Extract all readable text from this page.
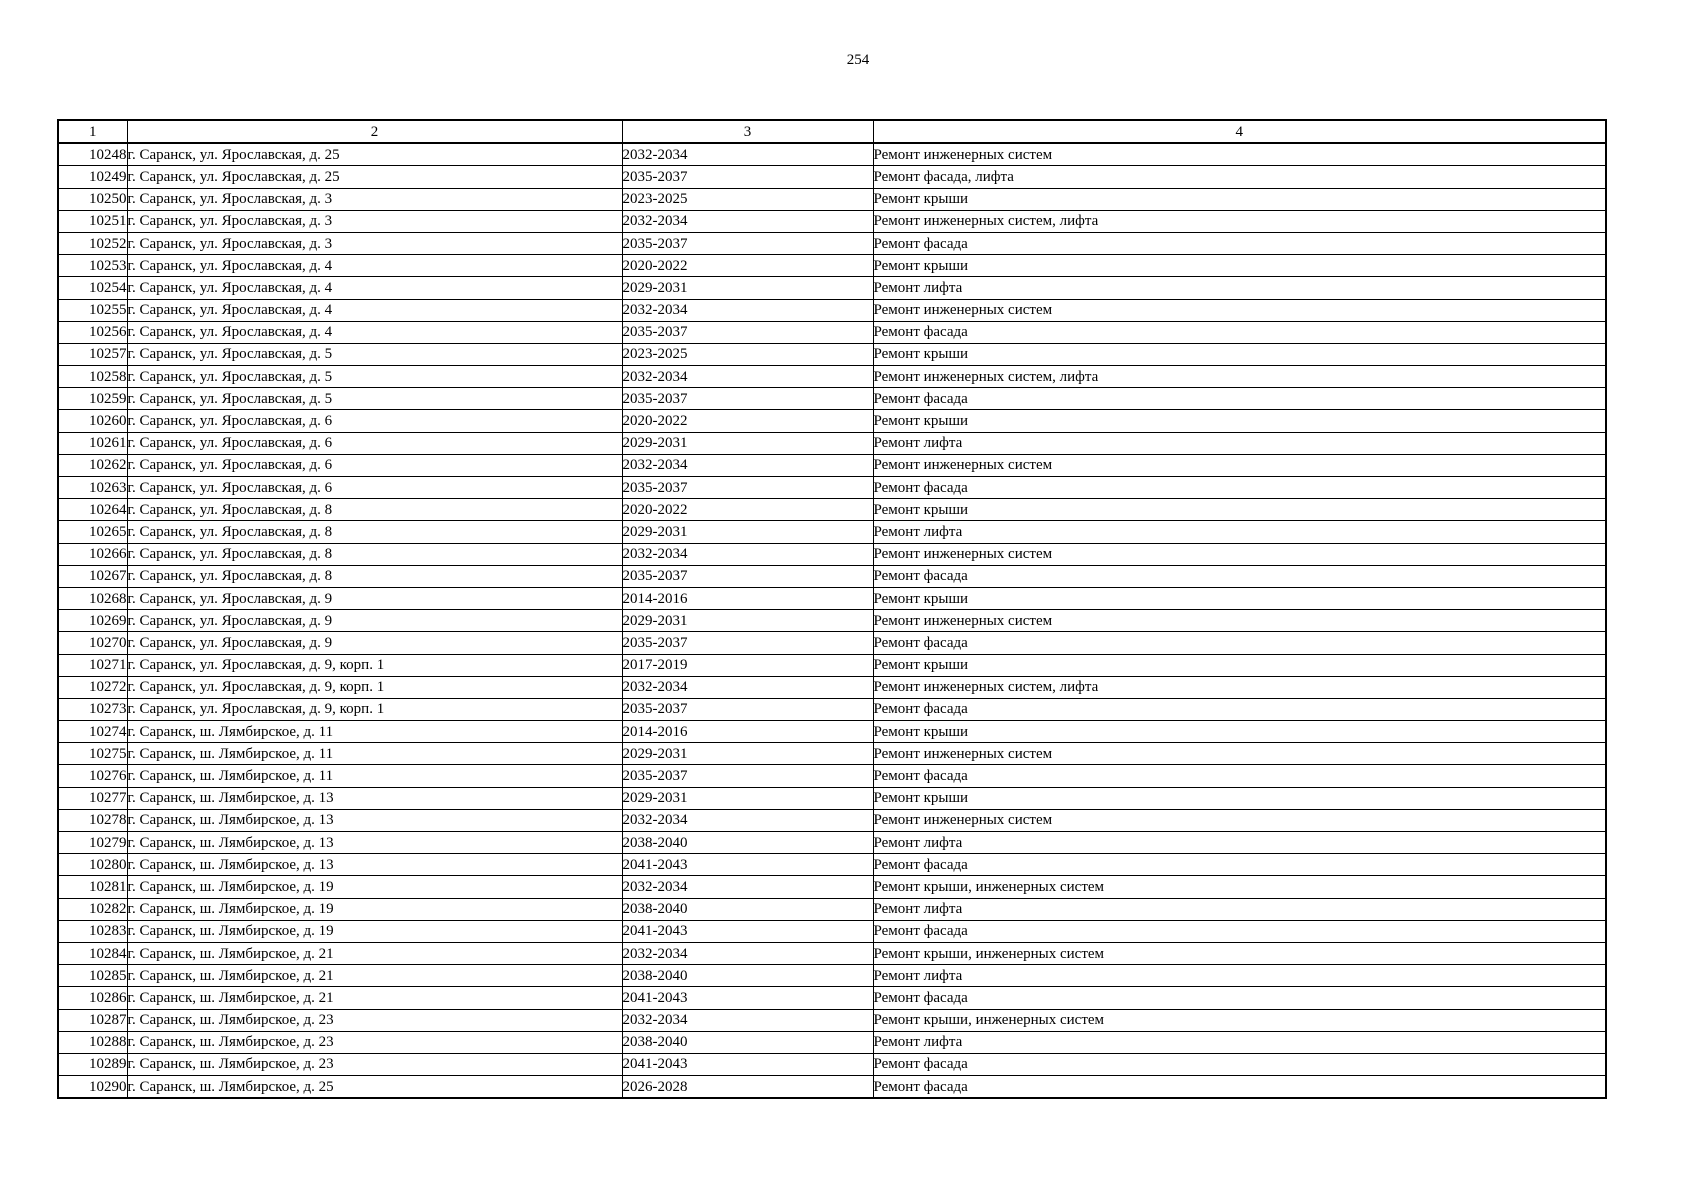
254
1	2	3	4
10248	г. Саранск, ул. Ярославская, д. 25	2032-2034	Ремонт инженерных систем
10249	г. Саранск, ул. Ярославская, д. 25	2035-2037	Ремонт фасада, лифта
10250	г. Саранск, ул. Ярославская, д. 3	2023-2025	Ремонт крыши
10251	г. Саранск, ул. Ярославская, д. 3	2032-2034	Ремонт инженерных систем, лифта
10252	г. Саранск, ул. Ярославская, д. 3	2035-2037	Ремонт фасада
10253	г. Саранск, ул. Ярославская, д. 4	2020-2022	Ремонт крыши
10254	г. Саранск, ул. Ярославская, д. 4	2029-2031	Ремонт лифта
10255	г. Саранск, ул. Ярославская, д. 4	2032-2034	Ремонт инженерных систем
10256	г. Саранск, ул. Ярославская, д. 4	2035-2037	Ремонт фасада
10257	г. Саранск, ул. Ярославская, д. 5	2023-2025	Ремонт крыши
10258	г. Саранск, ул. Ярославская, д. 5	2032-2034	Ремонт инженерных систем, лифта
10259	г. Саранск, ул. Ярославская, д. 5	2035-2037	Ремонт фасада
10260	г. Саранск, ул. Ярославская, д. 6	2020-2022	Ремонт крыши
10261	г. Саранск, ул. Ярославская, д. 6	2029-2031	Ремонт лифта
10262	г. Саранск, ул. Ярославская, д. 6	2032-2034	Ремонт инженерных систем
10263	г. Саранск, ул. Ярославская, д. 6	2035-2037	Ремонт фасада
10264	г. Саранск, ул. Ярославская, д. 8	2020-2022	Ремонт крыши
10265	г. Саранск, ул. Ярославская, д. 8	2029-2031	Ремонт лифта
10266	г. Саранск, ул. Ярославская, д. 8	2032-2034	Ремонт инженерных систем
10267	г. Саранск, ул. Ярославская, д. 8	2035-2037	Ремонт фасада
10268	г. Саранск, ул. Ярославская, д. 9	2014-2016	Ремонт крыши
10269	г. Саранск, ул. Ярославская, д. 9	2029-2031	Ремонт инженерных систем
10270	г. Саранск, ул. Ярославская, д. 9	2035-2037	Ремонт фасада
10271	г. Саранск, ул. Ярославская, д. 9, корп. 1	2017-2019	Ремонт крыши
10272	г. Саранск, ул. Ярославская, д. 9, корп. 1	2032-2034	Ремонт инженерных систем, лифта
10273	г. Саранск, ул. Ярославская, д. 9, корп. 1	2035-2037	Ремонт фасада
10274	г. Саранск, ш. Лямбирское, д. 11	2014-2016	Ремонт крыши
10275	г. Саранск, ш. Лямбирское, д. 11	2029-2031	Ремонт инженерных систем
10276	г. Саранск, ш. Лямбирское, д. 11	2035-2037	Ремонт фасада
10277	г. Саранск, ш. Лямбирское, д. 13	2029-2031	Ремонт крыши
10278	г. Саранск, ш. Лямбирское, д. 13	2032-2034	Ремонт инженерных систем
10279	г. Саранск, ш. Лямбирское, д. 13	2038-2040	Ремонт лифта
10280	г. Саранск, ш. Лямбирское, д. 13	2041-2043	Ремонт фасада
10281	г. Саранск, ш. Лямбирское, д. 19	2032-2034	Ремонт крыши, инженерных систем
10282	г. Саранск, ш. Лямбирское, д. 19	2038-2040	Ремонт лифта
10283	г. Саранск, ш. Лямбирское, д. 19	2041-2043	Ремонт фасада
10284	г. Саранск, ш. Лямбирское, д. 21	2032-2034	Ремонт крыши, инженерных систем
10285	г. Саранск, ш. Лямбирское, д. 21	2038-2040	Ремонт лифта
10286	г. Саранск, ш. Лямбирское, д. 21	2041-2043	Ремонт фасада
10287	г. Саранск, ш. Лямбирское, д. 23	2032-2034	Ремонт крыши, инженерных систем
10288	г. Саранск, ш. Лямбирское, д. 23	2038-2040	Ремонт лифта
10289	г. Саранск, ш. Лямбирское, д. 23	2041-2043	Ремонт фасада
10290	г. Саранск, ш. Лямбирское, д. 25	2026-2028	Ремонт фасада
